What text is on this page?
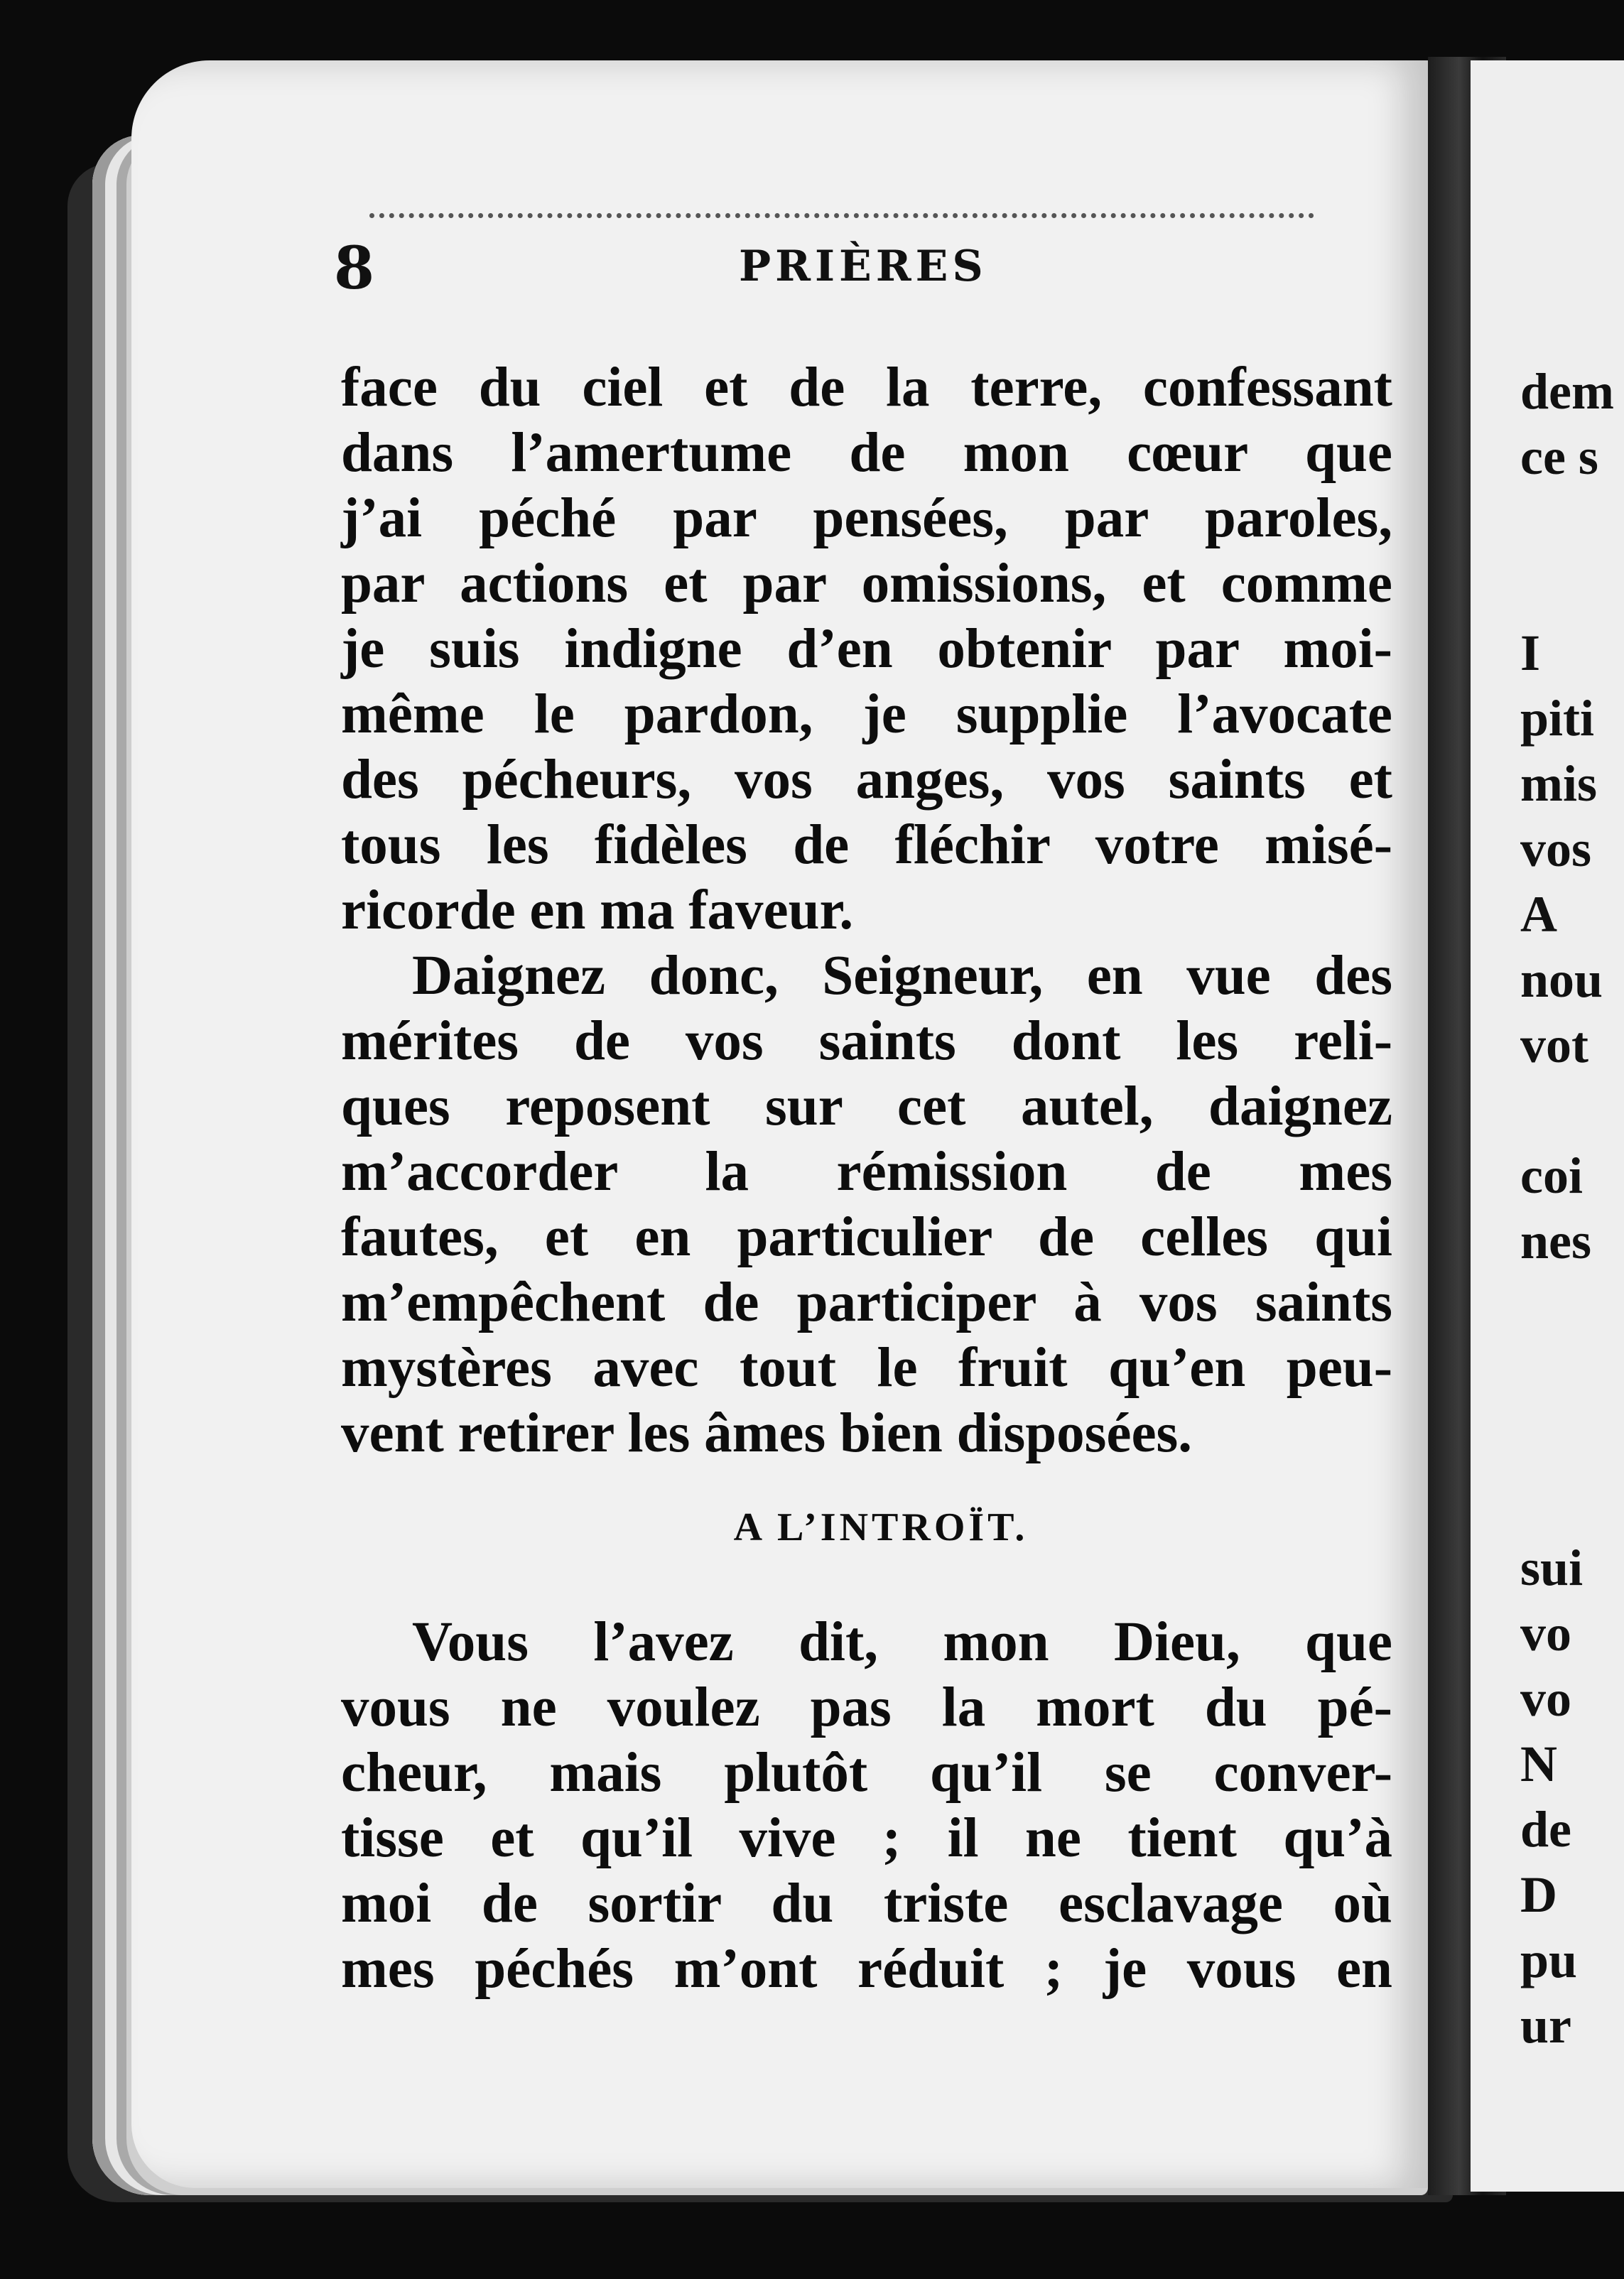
8	PRIÈRES
face du ciel et de la terre, confessant
dans l’amertume de mon cœur que
j’ai péché par pensées, par paroles,
par actions et par omissions, et comme
je suis indigne d’en obtenir par moi-
même le pardon, je supplie l’avocate
des pécheurs, vos anges, vos saints et
tous les fidèles de fléchir votre misé-
ricorde en ma faveur.
Daignez donc, Seigneur, en vue des
mérites de vos saints dont les reli-
ques reposent sur cet autel, daignez
m’accorder la rémission de mes
fautes, et en particulier de celles qui
m’empêchent de participer à vos saints
mystères avec tout le fruit qu’en peu-
vent retirer les âmes bien disposées.
A L’INTROÏT.
Vous l’avez dit, mon Dieu, que
vous ne voulez pas la mort du pé-
cheur, mais plutôt qu’il se conver-
tisse et qu’il vive ; il ne tient qu’à
moi de sortir du triste esclavage où
mes péchés m’ont réduit ; je vous en
dem
ce s

I
piti
mis
vos
A
nou
vot

coi
nes

sui
vo
vo
N
de
D
pu
ur
